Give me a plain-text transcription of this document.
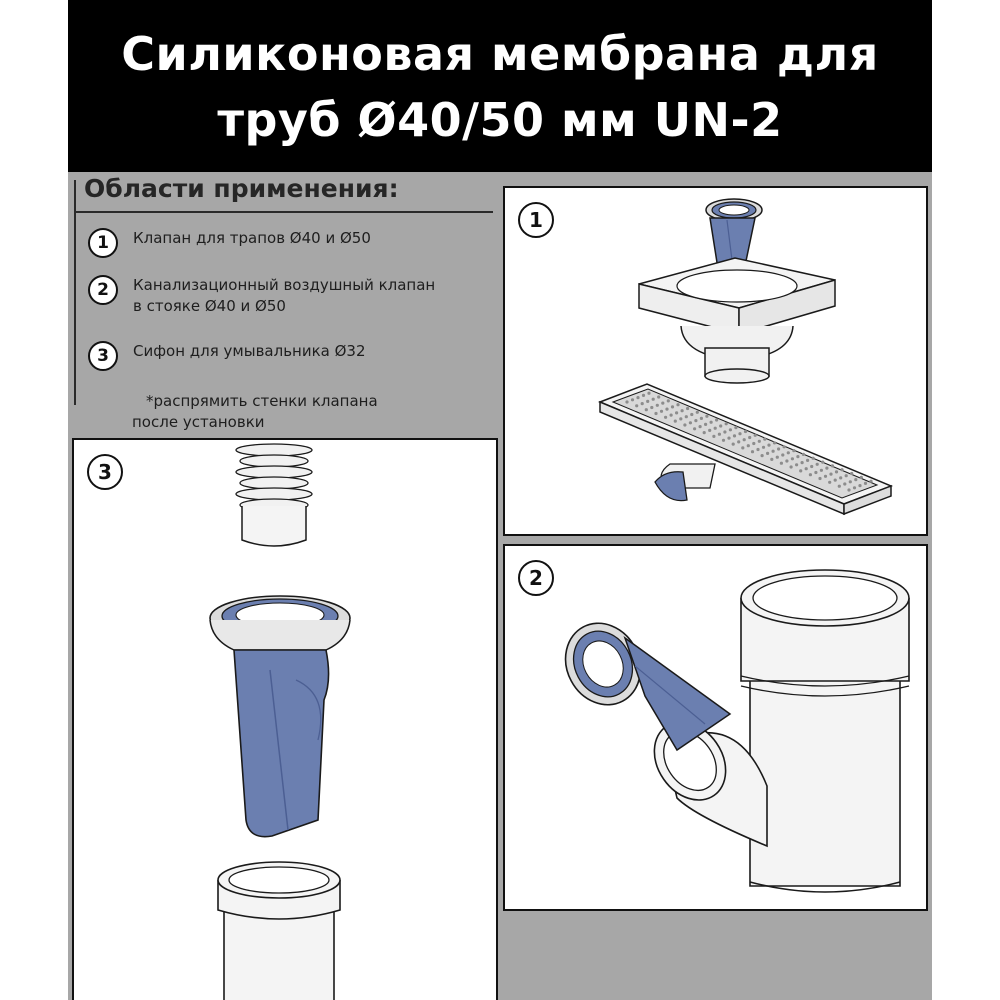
Силиконовая мембрана для
труб Ø40/50 мм UN-2
Области применения:
1	Клапан для трапов Ø40 и Ø50
2	Канализационный воздушный клапан
в стояке Ø40 и Ø50
3	Сифон для умывальника Ø32
*распрямить стенки клапана
после установки
1
2
3
